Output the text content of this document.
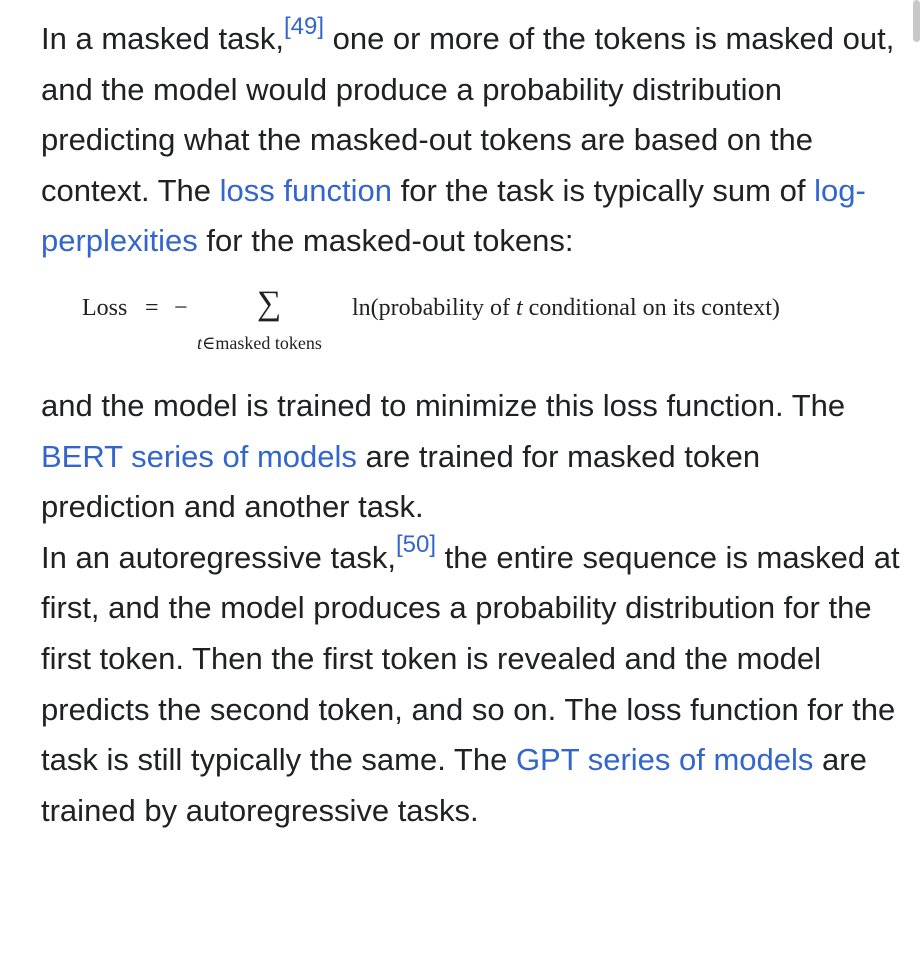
In a masked task,[49] one or more of the tokens is masked out, and the model would produce a probability distribution predicting what the masked-out tokens are based on the context. The loss function for the task is typically sum of log-perplexities for the masked-out tokens:

Loss = − ∑
t∈masked tokens
ln(probability of t conditional on its context)

and the model is trained to minimize this loss function. The BERT series of models are trained for masked token prediction and another task.

In an autoregressive task,[50] the entire sequence is masked at first, and the model produces a probability distribution for the first token. Then the first token is revealed and the model predicts the second token, and so on. The loss function for the task is still typically the same. The GPT series of models are trained by autoregressive tasks.
